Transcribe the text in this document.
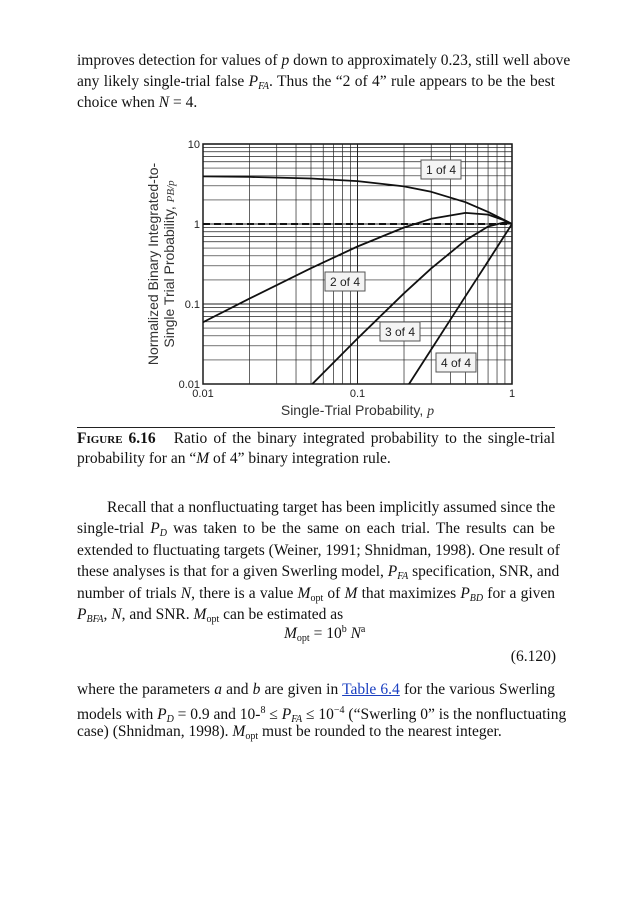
improves detection for values of p down to approximately 0.23, still well above
any likely single-trial false PFA. Thus the “2 of 4” rule appears to be the best
choice when N = 4.
Figure 6.16   Ratio of the binary integrated probability to the single-trial
probability for an “M of 4” binary integration rule.
Recall that a nonfluctuating target has been implicitly assumed since the
single-trial PD was taken to be the same on each trial. The results can be
extended to fluctuating targets (Weiner, 1991; Shnidman, 1998). One result of
these analyses is that for a given Swerling model, PFA specification, SNR, and
number of trials N, there is a value $M_{opt}$ of M that maximizes PBD for a given
PBFA, N, and SNR. $M_{opt}$ can be estimated as
where the parameters a and b are given in Table 6.4 for the various Swerling
models with PD = 0.9 and 10-$^8$ ≤ PFA ≤ $10^{-4}$ (“Swerling 0” is the nonfluctuating
case) (Shnidman, 1998). $M_{opt}$ must be rounded to the nearest integer.
0.01	0.1	1
0.01
0.1
1
10
Single-Trial Probability, p
Normalized Binary Integrated-to- Single Trial Probability, PB/p
1 of 4
2 of 4
3 of 4
4 of 4
$M_{opt} = 10^b$ $N^a$
(6.120)
